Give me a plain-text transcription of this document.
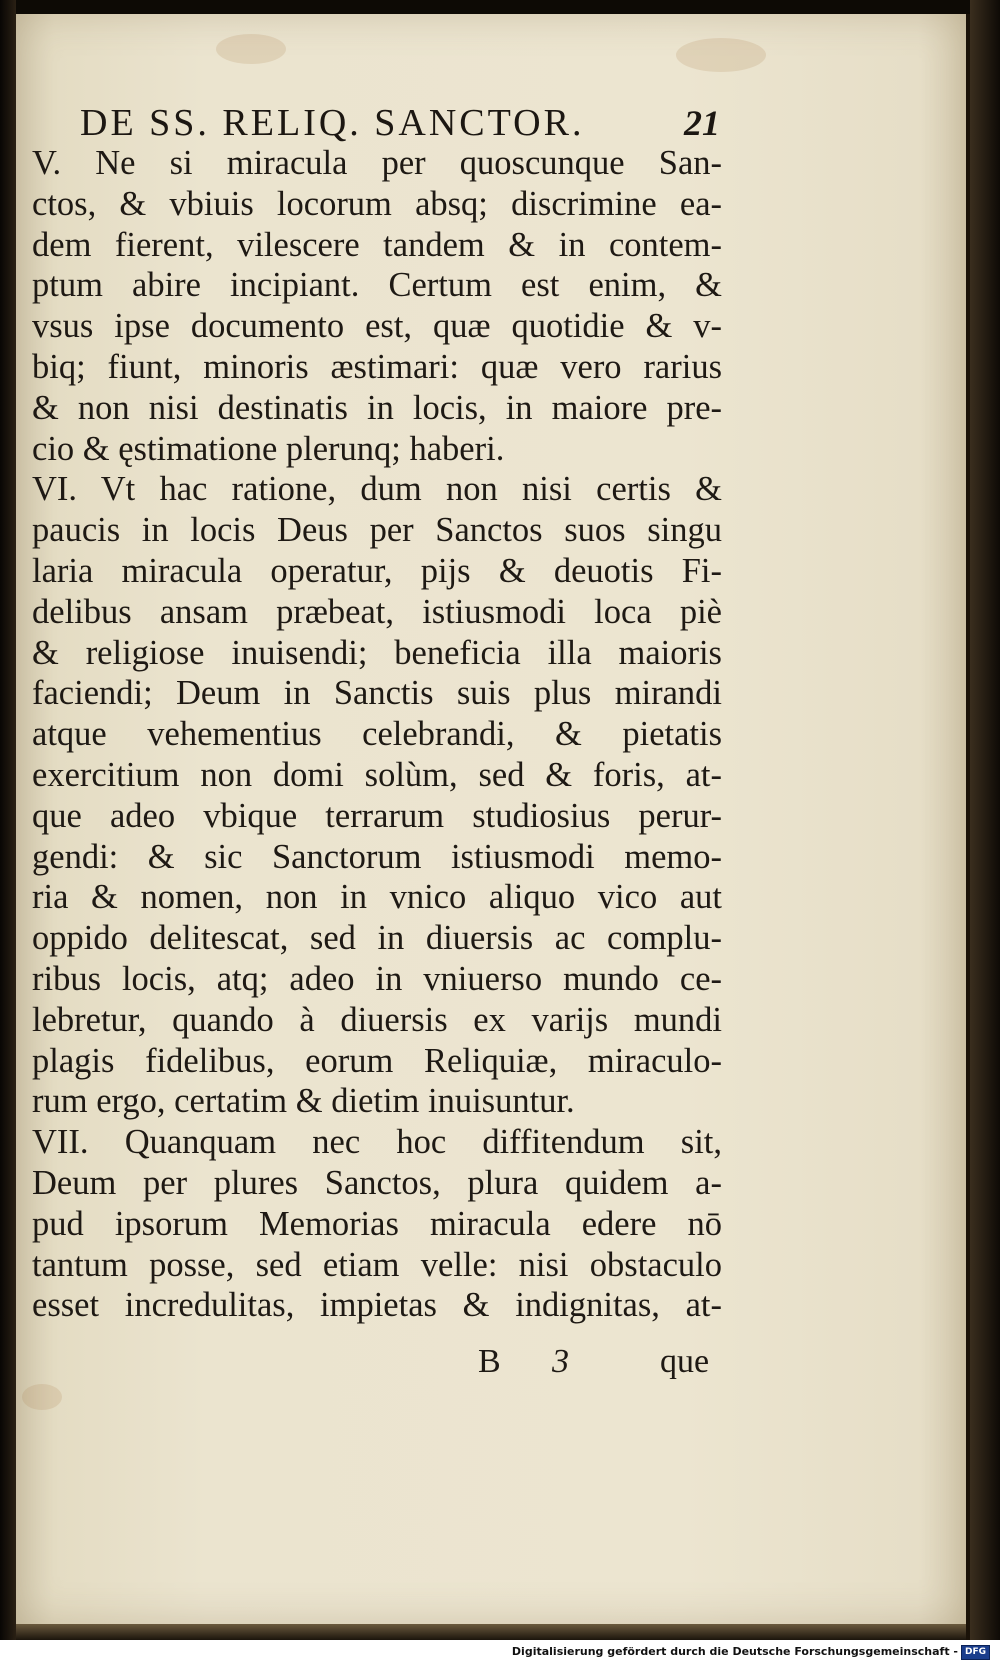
DE SS. RELIQ. SANCTOR.	21
V. Ne si miracula per quoscunque San-
ctos, & vbiuis locorum absq; discrimine ea-
dem fierent, vilescere tandem & in contem-
ptum abire incipiant. Certum est enim, &
vsus ipse documento est, quæ quotidie & v-
biq; fiunt, minoris æstimari: quæ vero rarius
& non nisi destinatis in locis, in maiore pre-
cio & ęstimatione plerunq; haberi.
VI. Vt hac ratione, dum non nisi certis &
paucis in locis Deus per Sanctos suos singu
laria miracula operatur, pijs & deuotis Fi-
delibus ansam præbeat, istiusmodi loca piè
& religiose inuisendi; beneficia illa maioris
faciendi; Deum in Sanctis suis plus mirandi
atque vehementius celebrandi, & pietatis
exercitium non domi solùm, sed & foris, at-
que adeo vbique terrarum studiosius perur-
gendi: & sic Sanctorum istiusmodi memo-
ria & nomen, non in vnico aliquo vico aut
oppido delitescat, sed in diuersis ac complu-
ribus locis, atq; adeo in vniuerso mundo ce-
lebretur, quando à diuersis ex varijs mundi
plagis fidelibus, eorum Reliquiæ, miraculo-
rum ergo, certatim & dietim inuisuntur.
VII. Quanquam nec hoc diffitendum sit,
Deum per plures Sanctos, plura quidem a-
pud ipsorum Memorias miracula edere nō
tantum posse, sed etiam velle: nisi obstaculo
esset incredulitas, impietas & indignitas, at-
B 3	que
Digitalisierung gefördert durch die Deutsche Forschungsgemeinschaft - DFG
